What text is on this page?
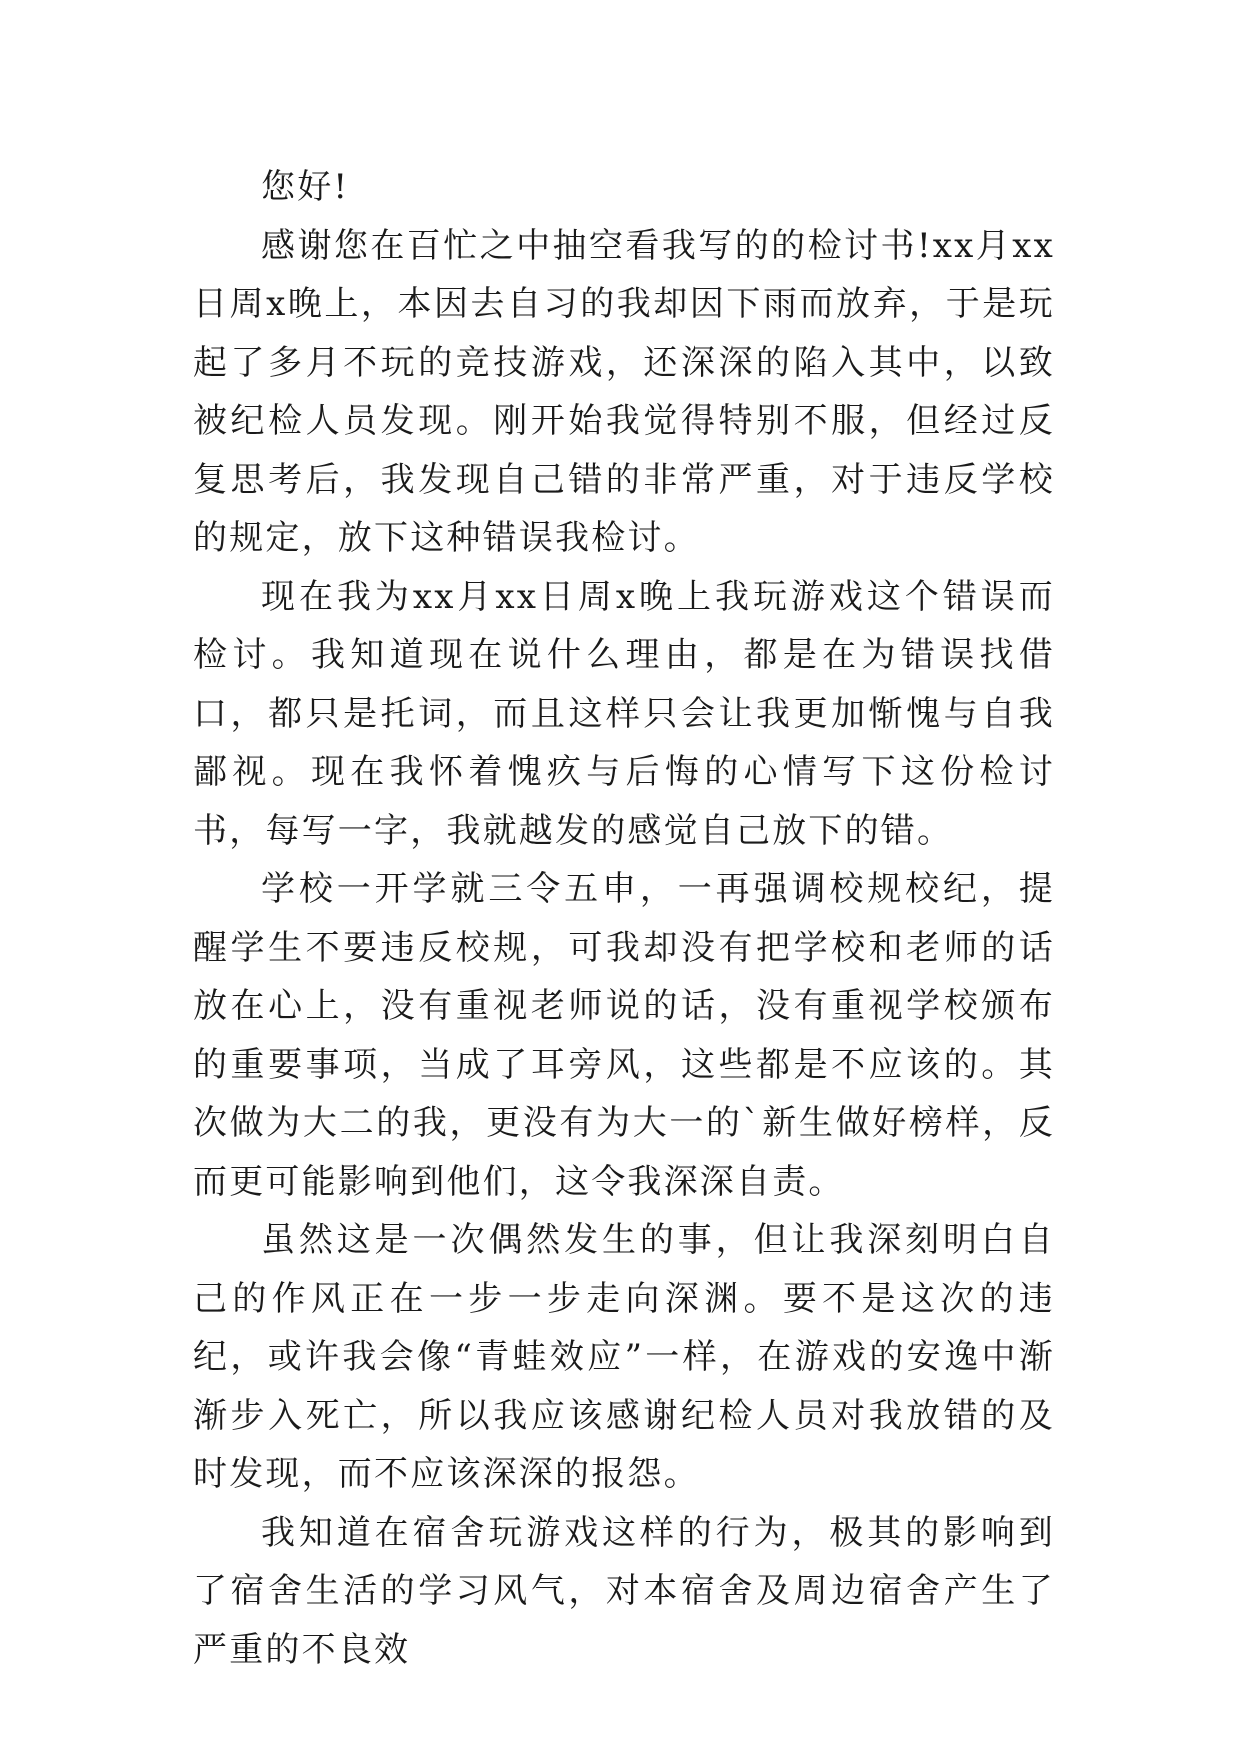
您好!

感谢您在百忙之中抽空看我写的的检讨书!xx月xx日周x晚上，本因去自习的我却因下雨而放弃，于是玩起了多月不玩的竞技游戏，还深深的陷入其中，以致被纪检人员发现。刚开始我觉得特别不服，但经过反复思考后，我发现自己错的非常严重，对于违反学校的规定，放下这种错误我检讨。

现在我为xx月xx日周x晚上我玩游戏这个错误而检讨。我知道现在说什么理由，都是在为错误找借口，都只是托词，而且这样只会让我更加惭愧与自我鄙视。现在我怀着愧疚与后悔的心情写下这份检讨书，每写一字，我就越发的感觉自己放下的错。

学校一开学就三令五申，一再强调校规校纪，提醒学生不要违反校规，可我却没有把学校和老师的话放在心上，没有重视老师说的话，没有重视学校颁布的重要事项，当成了耳旁风，这些都是不应该的。其次做为大二的我，更没有为大一的`新生做好榜样，反而更可能影响到他们，这令我深深自责。

虽然这是一次偶然发生的事，但让我深刻明白自己的作风正在一步一步走向深渊。要不是这次的违纪，或许我会像“青蛙效应”一样，在游戏的安逸中渐渐步入死亡，所以我应该感谢纪检人员对我放错的及时发现，而不应该深深的报怨。

我知道在宿舍玩游戏这样的行为，极其的影响到了宿舍生活的学习风气，对本宿舍及周边宿舍产生了严重的不良效
